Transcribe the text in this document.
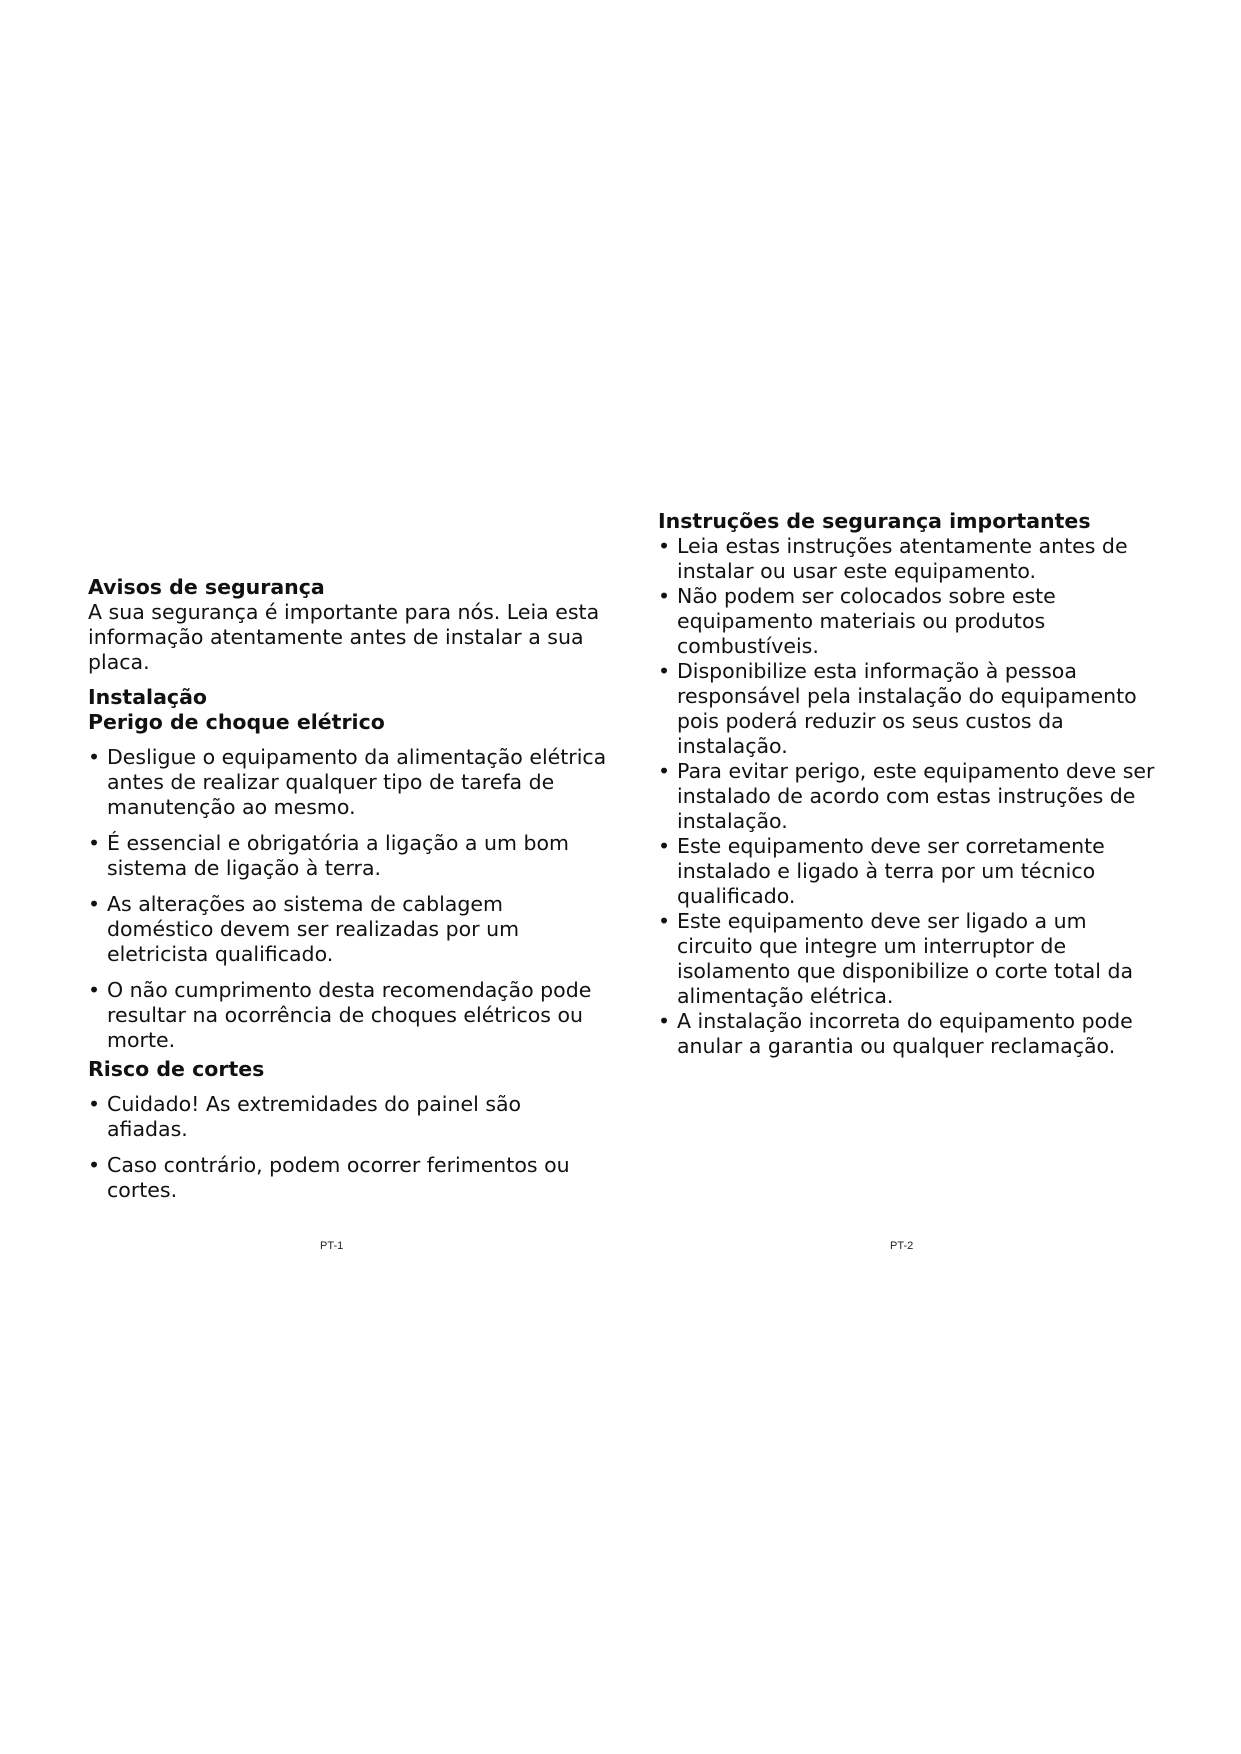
Avisos de segurança

A sua segurança é importante para nós. Leia esta informação atentamente antes de instalar a sua placa.

Instalação

Perigo de choque elétrico

• Desligue o equipamento da alimentação elétrica antes de realizar qualquer tipo de tarefa de manutenção ao mesmo.
• É essencial e obrigatória a ligação a um bom sistema de ligação à terra.
• As alterações ao sistema de cablagem doméstico devem ser realizadas por um eletricista qualificado.
• O não cumprimento desta recomendação pode resultar na ocorrência de choques elétricos ou morte.

Risco de cortes

• Cuidado! As extremidades do painel são afiadas.
• Caso contrário, podem ocorrer ferimentos ou cortes.

Instruções de segurança importantes

• Leia estas instruções atentamente antes de instalar ou usar este equipamento.
• Não podem ser colocados sobre este equipamento materiais ou produtos combustíveis.
• Disponibilize esta informação à pessoa responsável pela instalação do equipamento pois poderá reduzir os seus custos da instalação.
• Para evitar perigo, este equipamento deve ser instalado de acordo com estas instruções de instalação.
• Este equipamento deve ser corretamente instalado e ligado à terra por um técnico qualificado.
• Este equipamento deve ser ligado a um circuito que integre um interruptor de isolamento que disponibilize o corte total da alimentação elétrica.
• A instalação incorreta do equipamento pode anular a garantia ou qualquer reclamação.
PT-1	PT-2
